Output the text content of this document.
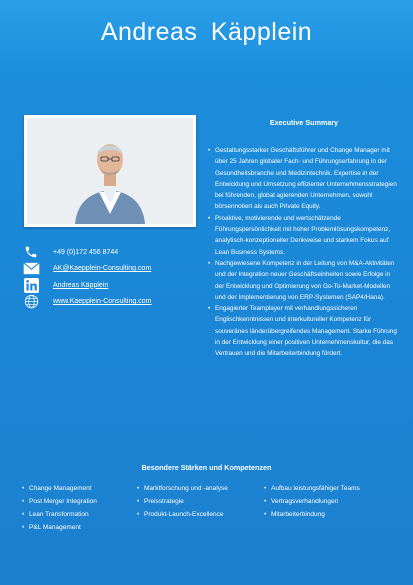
Andreas Käpplein
+49 (0)172 456 8744
AK@Kaepplein-Consulting.com
Andreas Käpplein
www.Kaepplein-Consulting.com
Executive Summary
• Gestaltungsstarker Geschäftsführer und Change Manager mit über 25 Jahren globaler Fach- und Führungserfahrung in der Gesundheitsbranche und Medizintechnik. Expertise in der Entwicklung und Umsetzung effizienter Unternehmensstrategien bei führenden, global agierenden Unternehmen, sowohl börsennotiert als auch Private Equity.
• Proaktive, motivierende und wertschätzende Führungspersönlichkeit mit hoher Problemlösungskompetenz, analytisch-konzeptioneller Denkweise und starkem Fokus auf Lean Business Systems.
• Nachgewiesene Kompetenz in der Leitung von M&A-Aktivitäten und der Integration neuer Geschäftseinheiten sowie Erfolge in der Entwicklung und Optimierung von Go-To-Market-Modellen und der Implementierung von ERP-Systemen (SAP4/Hana).
• Engagierter Teamplayer mit verhandlungssicheren Englischkenntnissen und interkultureller Kompetenz für souveränes länderübergreifendes Management. Starke Führung in der Entwicklung einer positiven Unternehmenskultur, die das Vertrauen und die Mitarbeiterbindung fördert.
Besondere Stärken und Kompetenzen
• Change Management
• Post Merger Integration
• Lean Transformation
• P&L Management
• Marktforschung und -analyse
• Preisstrategie
• Produkt-Launch-Excellence
• Aufbau leistungsfähiger Teams
• Vertragsverhandlungen
• Mitarbeiterbindung
